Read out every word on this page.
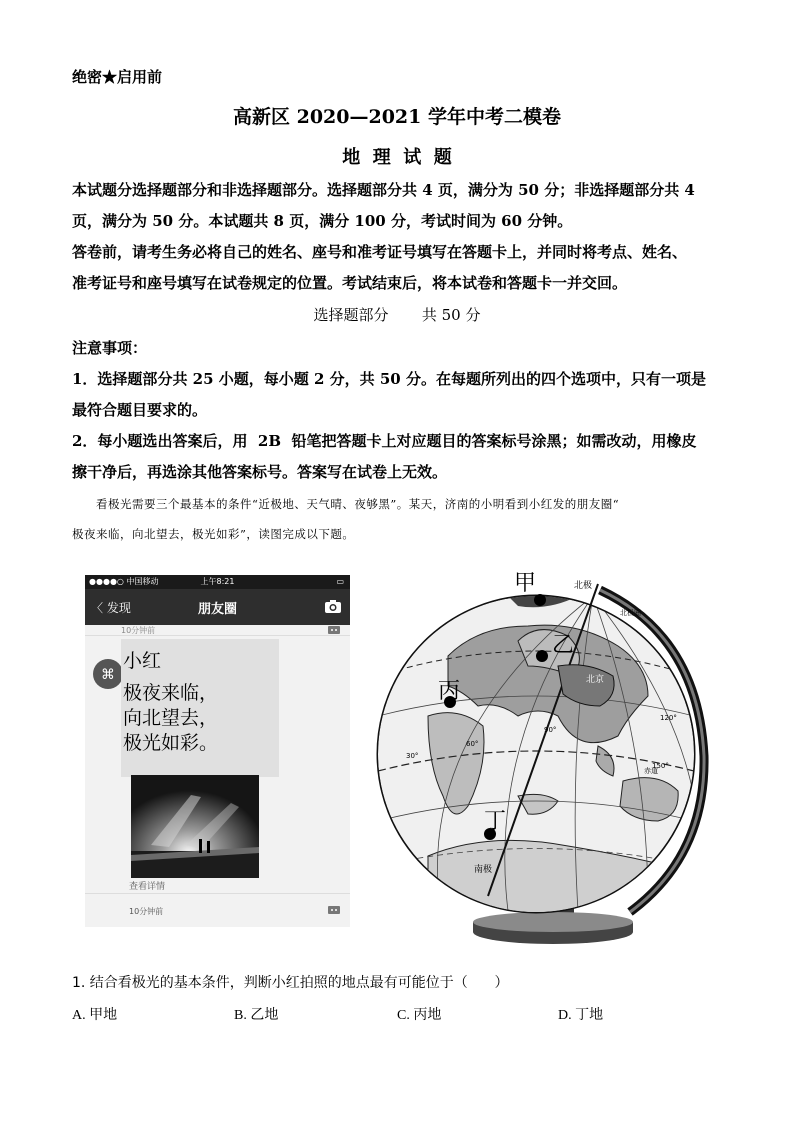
绝密★启用前
高新区 2020—2021 学年中考二模卷
地  理  试  题
本试题分选择题部分和非选择题部分。选择题部分共 4 页，满分为 50 分；非选择题部分共 4
页，满分为 50 分。本试题共 8 页，满分 100 分，考试时间为 60 分钟。
答卷前，请考生务必将自己的姓名、座号和准考证号填写在答题卡上，并同时将考点、姓名、
准考证号和座号填写在试卷规定的位置。考试结束后，将本试卷和答题卡一并交回。
选择题部分       共 50 分
注意事项：
1．选择题部分共 25 小题，每小题 2 分，共 50 分。在每题所列出的四个选项中，只有一项是
最符合题目要求的。
2．每小题选出答案后，用  2B  铅笔把答题卡上对应题目的答案标号涂黑；如需改动，用橡皮
擦干净后，再选涂其他答案标号。答案写在试卷上无效。
看极光需要三个最基本的条件“近极地、天气晴、夜够黑”。某天，济南的小明看到小红发的朋友圈“
极夜来临，向北望去，极光如彩”，读图完成以下题。
●●●●○ 中国移动	上午8:21	▭
〈 发现	朋友圈
10分钟前
⌘
小红
极夜来临，
向北望去，
极光如彩。
查看详情
10分钟前
甲
乙
丙
丁
北极
南极
北京
北极圈
赤道
60°
30°
90°
150°
120°
1. 结合看极光的基本条件，判断小红拍照的地点最有可能位于（      ）
A. 甲地	B. 乙地	C. 丙地	D. 丁地
